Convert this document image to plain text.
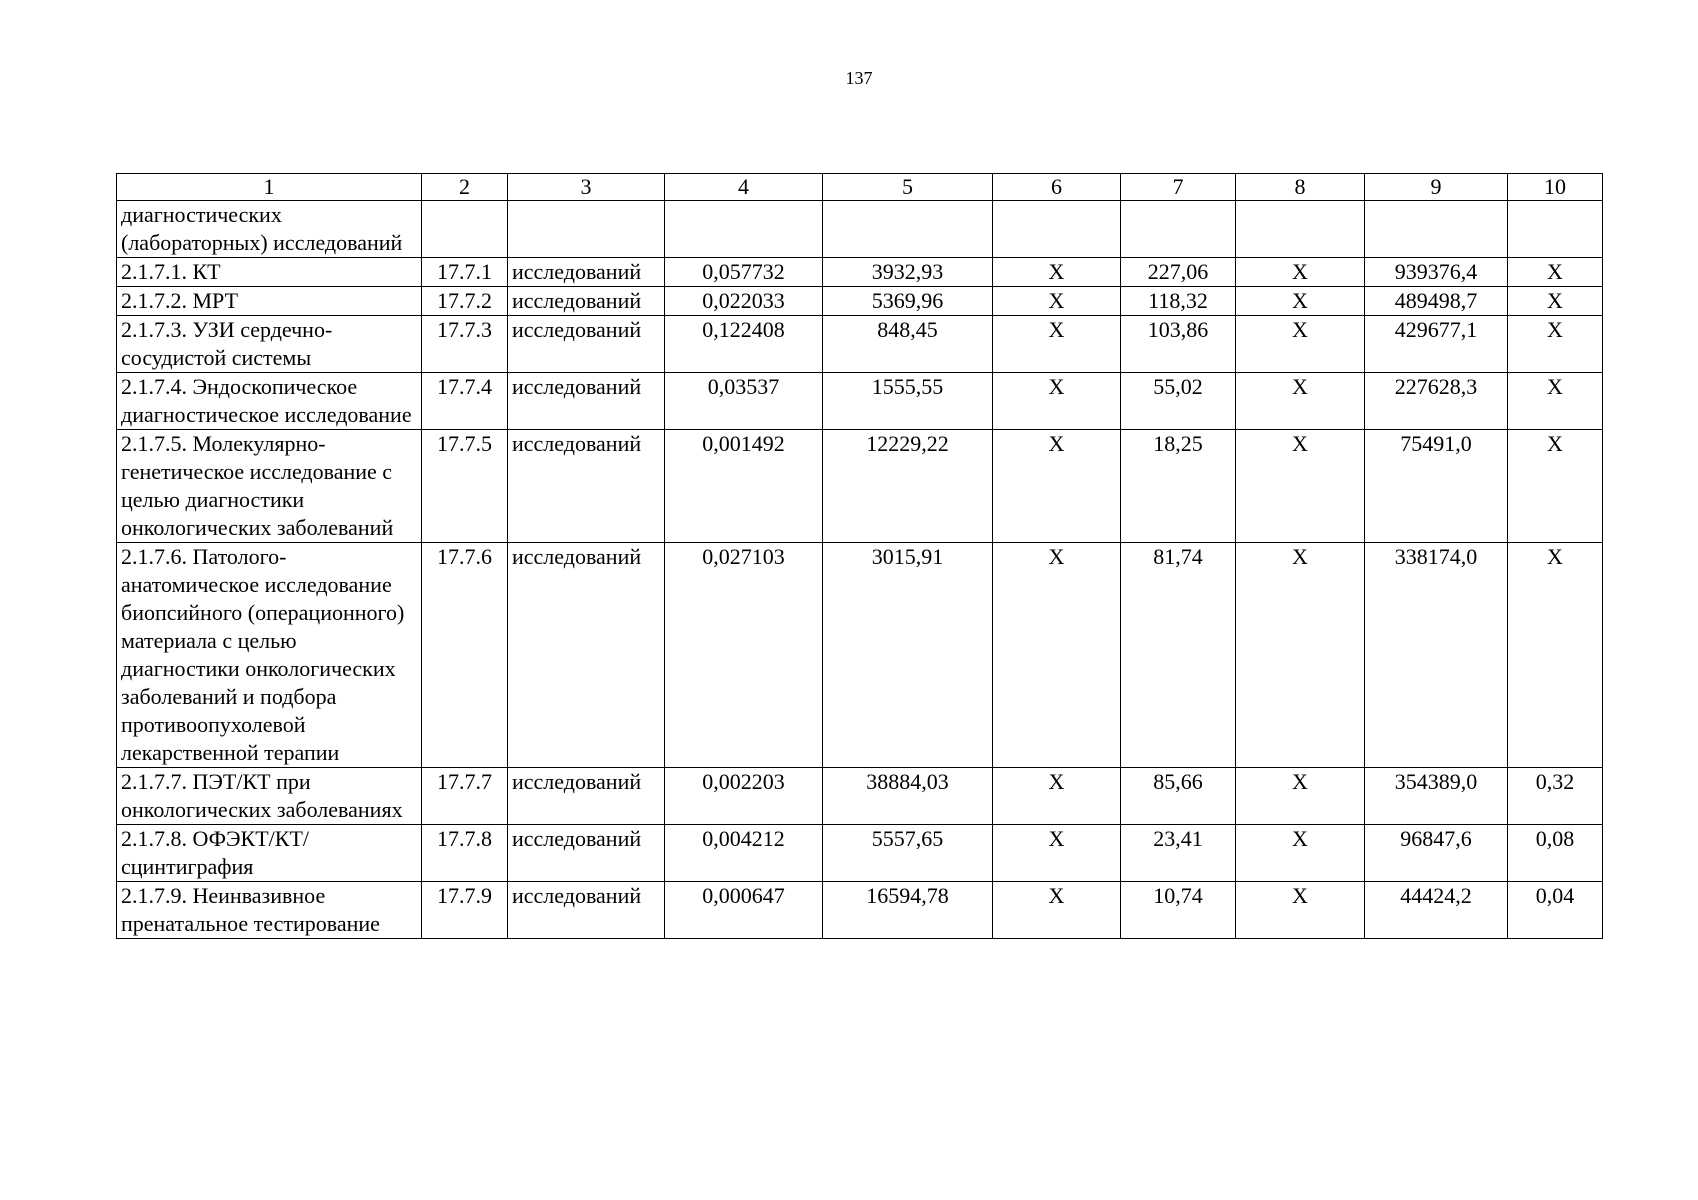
137
1	2	3	4	5	6	7	8	9	10
диагностических (лабораторных) исследований									
2.1.7.1. КТ	17.7.1	исследований	0,057732	3932,93	Х	227,06	Х	939376,4	Х
2.1.7.2. МРТ	17.7.2	исследований	0,022033	5369,96	Х	118,32	Х	489498,7	Х
2.1.7.3. УЗИ сердечно-сосудистой системы	17.7.3	исследований	0,122408	848,45	Х	103,86	Х	429677,1	Х
2.1.7.4. Эндоскопическое диагностическое исследование	17.7.4	исследований	0,03537	1555,55	Х	55,02	Х	227628,3	Х
2.1.7.5. Молекулярно-генетическое исследование с целью диагностики онкологических заболеваний	17.7.5	исследований	0,001492	12229,22	Х	18,25	Х	75491,0	Х
2.1.7.6. Патолого-анатомическое исследование биопсийного (операционного) материала с целью диагностики онкологических заболеваний и подбора противоопухолевой лекарственной терапии	17.7.6	исследований	0,027103	3015,91	Х	81,74	Х	338174,0	Х
2.1.7.7. ПЭТ/КТ при онкологических заболеваниях	17.7.7	исследований	0,002203	38884,03	Х	85,66	Х	354389,0	0,32
2.1.7.8. ОФЭКТ/КТ/ сцинтиграфия	17.7.8	исследований	0,004212	5557,65	Х	23,41	Х	96847,6	0,08
2.1.7.9. Неинвазивное пренатальное тестирование	17.7.9	исследований	0,000647	16594,78	Х	10,74	Х	44424,2	0,04
